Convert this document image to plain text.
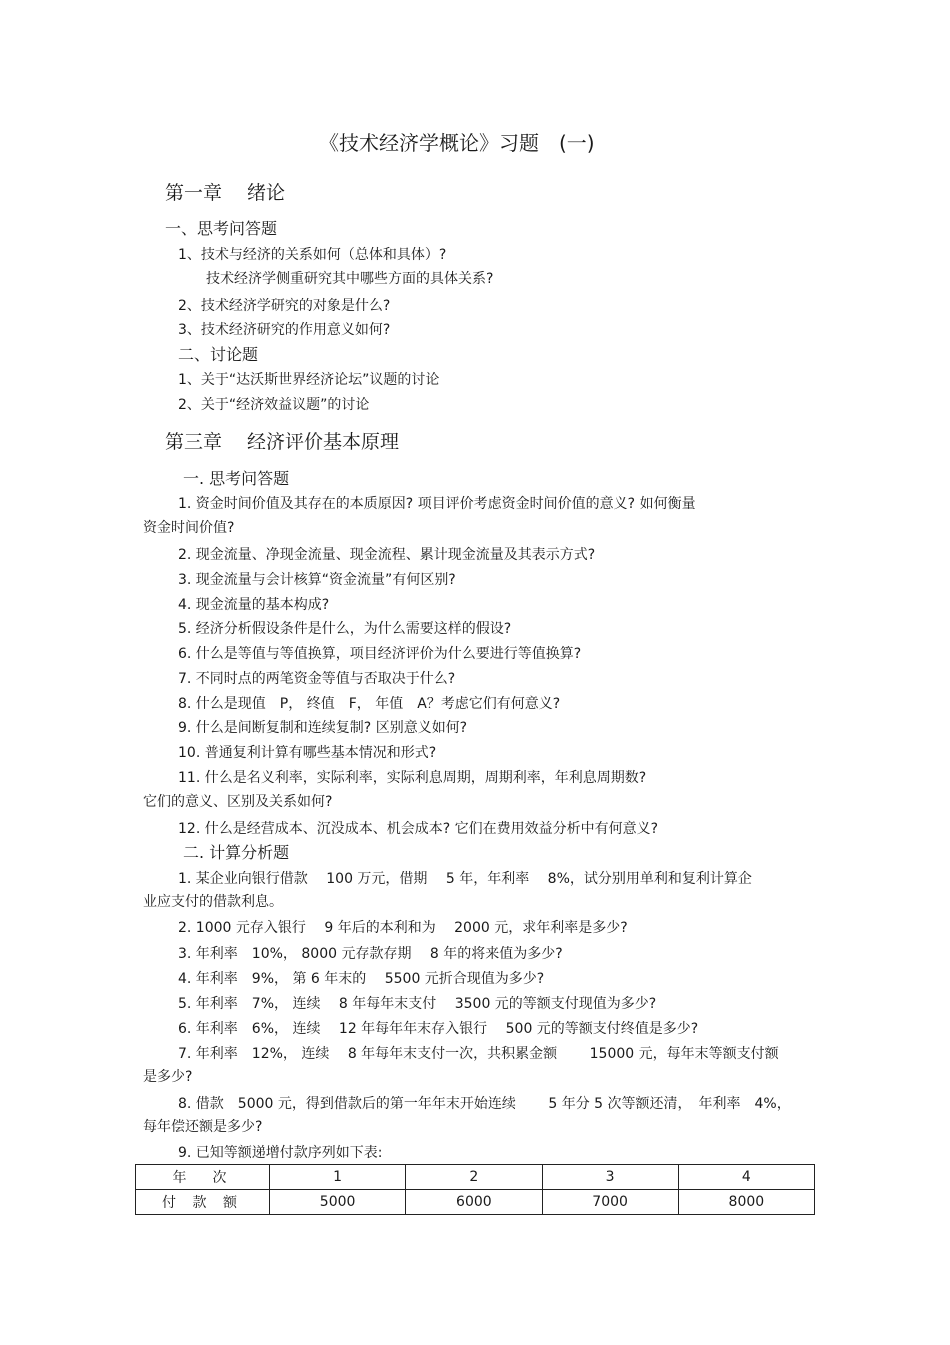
《技术经济学概论》习题　(一)
第一章　 绪论
一、思考问答题
1、技术与经济的关系如何（总体和具体）?
技术经济学侧重研究其中哪些方面的具体关系?
2、技术经济学研究的对象是什么?
3、技术经济研究的作用意义如何?
二、讨论题
1、关于“达沃斯世界经济论坛”议题的讨论
2、关于“经济效益议题”的讨论
第三章　 经济评价基本原理
一. 思考问答题
1. 资金时间价值及其存在的本质原因? 项目评价考虑资金时间价值的意义? 如何衡量
资金时间价值?
2. 现金流量、净现金流量、现金流程、累计现金流量及其表示方式?
3. 现金流量与会计核算“资金流量”有何区别?
4. 现金流量的基本构成?
5. 经济分析假设条件是什么，为什么需要这样的假设?
6. 什么是等值与等值换算，项目经济评价为什么要进行等值换算?
7. 不同时点的两笔资金等值与否取决于什么?
8. 什么是现值　P， 终值　F， 年值　A？考虑它们有何意义?
9. 什么是间断复制和连续复制? 区别意义如何?
10. 普通复利计算有哪些基本情况和形式?
11. 什么是名义利率，实际利率，实际利息周期，周期利率，年利息周期数?
它们的意义、区别及关系如何?
12. 什么是经营成本、沉没成本、机会成本? 它们在费用效益分析中有何意义?
二. 计算分析题
1. 某企业向银行借款　 100 万元，借期　 5 年，年利率　 8%，试分别用单利和复利计算企
业应支付的借款利息。
2. 1000 元存入银行　 9 年后的本利和为　 2000 元，求年利率是多少?
3. 年利率　10%， 8000 元存款存期　 8 年的将来值为多少?
4. 年利率　9%， 第 6 年末的　 5500 元折合现值为多少?
5. 年利率　7%， 连续　 8 年每年末支付　 3500 元的等额支付现值为多少?
6. 年利率　6%， 连续　 12 年每年年末存入银行　 500 元的等额支付终值是多少?
7. 年利率　12%， 连续　 8 年每年末支付一次，共积累金额　　 15000 元，每年末等额支付额
是多少?
8. 借款　5000 元，得到借款后的第一年年末开始连续　　 5 年分 5 次等额还清，　年利率　4%，
每年偿还额是多少?
9. 已知等额递增付款序列如下表:
年　次	1	2	3	4
付 款 额	5000	6000	7000	8000
